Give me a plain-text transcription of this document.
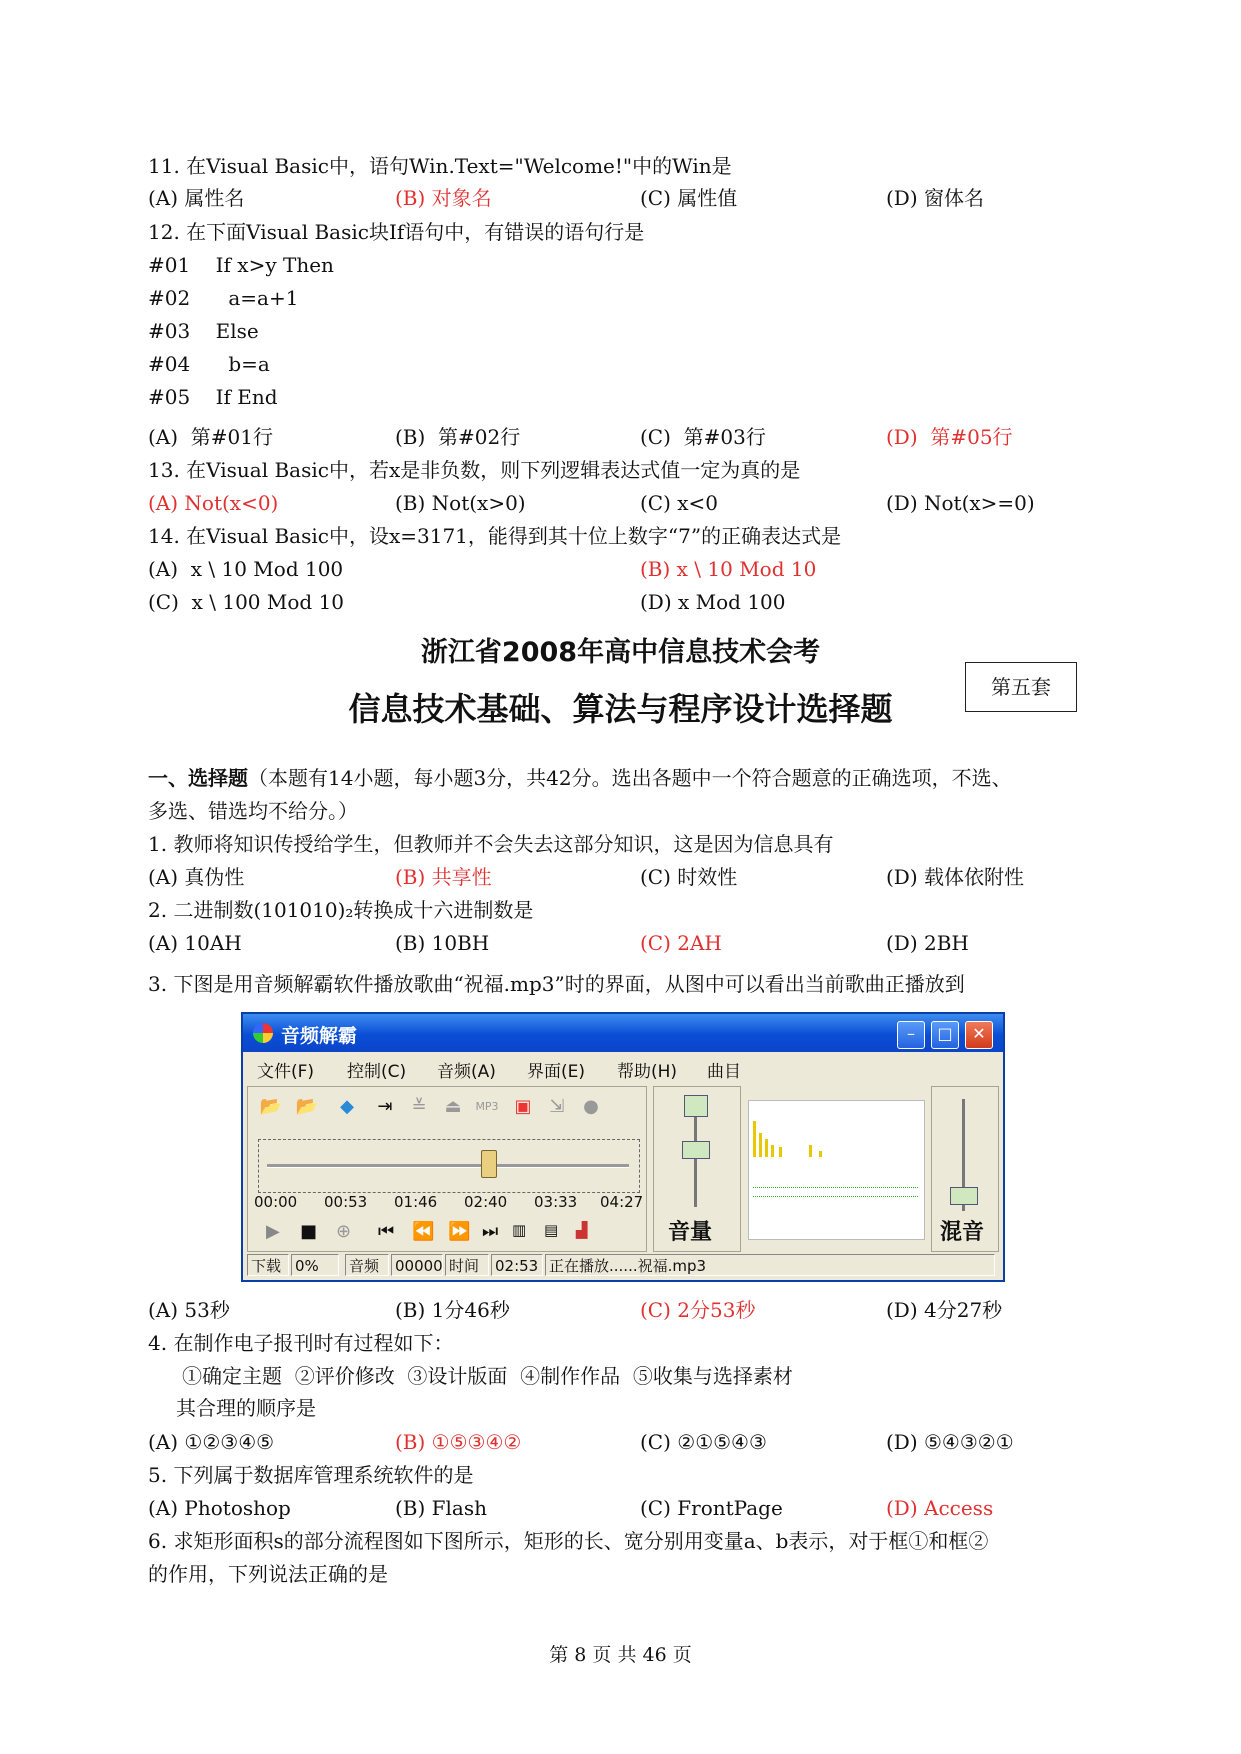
11. 在Visual Basic中，语句Win.Text="Welcome!"中的Win是
(A) 属性名	(B) 对象名	(C) 属性值	(D) 窗体名
12. 在下面Visual Basic块If语句中，有错误的语句行是
#01    If x>y Then
#02      a=a+1
#03    Else
#04      b=a
#05    If End
(A)  第#01行	(B)  第#02行	(C)  第#03行	(D)  第#05行
13. 在Visual Basic中，若x是非负数，则下列逻辑表达式值一定为真的是
(A) Not(x<0)	(B) Not(x>0)	(C) x<0	(D) Not(x>=0)
14. 在Visual Basic中，设x=3171，能得到其十位上数字“7”的正确表达式是
(A)  x \ 10 Mod 100	(B) x \ 10 Mod 10
(C)  x \ 100 Mod 10	(D) x Mod 100
浙江省2008年高中信息技术会考
信息技术基础、算法与程序设计选择题
第五套
一、选择题（本题有14小题，每小题3分，共42分。选出各题中一个符合题意的正确选项，不选、
多选、错选均不给分。）
1. 教师将知识传授给学生，但教师并不会失去这部分知识，这是因为信息具有
(A) 真伪性	(B) 共享性	(C) 时效性	(D) 载体依附性
2. 二进制数(101010)₂转换成十六进制数是
(A) 10AH	(B) 10BH	(C) 2AH	(D) 2BH
3. 下图是用音频解霸软件播放歌曲“祝福.mp3”时的界面，从图中可以看出当前歌曲正播放到
音频解霸	–	□	✕
文件(F) 控制(C) 音频(A) 界面(E) 帮助(H) 曲目
📂 📂	◆	⇥	≚ ⏏	MP3 ▣ ⇲	●
00:00 00:53 01:46 02:40 03:33 04:27
▶ ■ ⊕ ⏮ ⏪ ⏩ ⏭ ▥ ▤ ▟	音量	混音
下载 0%	音频	00000 时间	02:53 正在播放......祝福.mp3
(A) 53秒	(B) 1分46秒	(C) 2分53秒	(D) 4分27秒
4. 在制作电子报刊时有过程如下：
①确定主题  ②评价修改  ③设计版面  ④制作作品  ⑤收集与选择素材
其合理的顺序是
(A) ①②③④⑤	(B) ①⑤③④②	(C) ②①⑤④③	(D) ⑤④③②①
5. 下列属于数据库管理系统软件的是
(A) Photoshop	(B) Flash	(C) FrontPage	(D) Access
6. 求矩形面积s的部分流程图如下图所示，矩形的长、宽分别用变量a、b表示，对于框①和框②
的作用，下列说法正确的是
第 8 页 共 46 页
